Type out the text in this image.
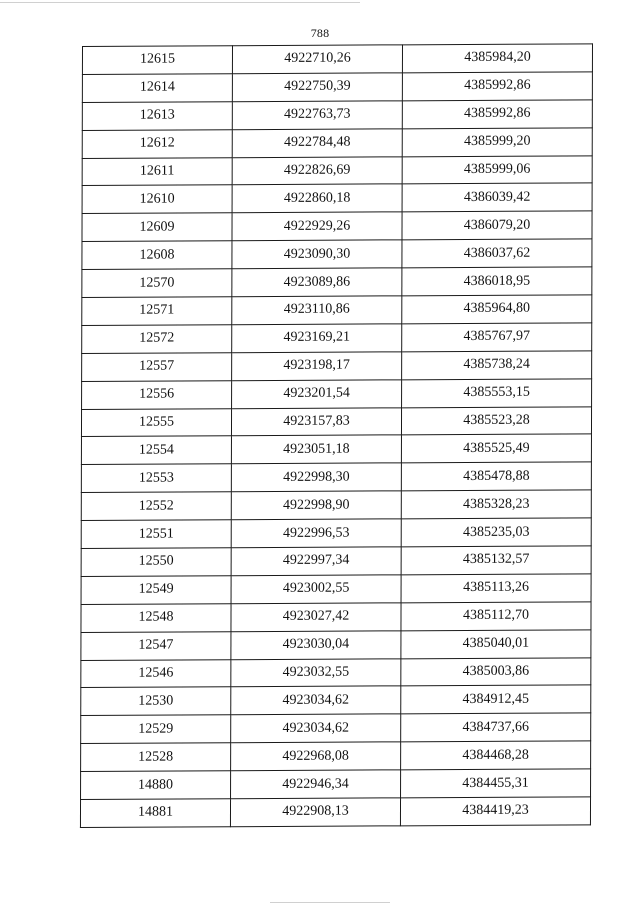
788
12615	4922710,26	4385984,20
12614	4922750,39	4385992,86
12613	4922763,73	4385992,86
12612	4922784,48	4385999,20
12611	4922826,69	4385999,06
12610	4922860,18	4386039,42
12609	4922929,26	4386079,20
12608	4923090,30	4386037,62
12570	4923089,86	4386018,95
12571	4923110,86	4385964,80
12572	4923169,21	4385767,97
12557	4923198,17	4385738,24
12556	4923201,54	4385553,15
12555	4923157,83	4385523,28
12554	4923051,18	4385525,49
12553	4922998,30	4385478,88
12552	4922998,90	4385328,23
12551	4922996,53	4385235,03
12550	4922997,34	4385132,57
12549	4923002,55	4385113,26
12548	4923027,42	4385112,70
12547	4923030,04	4385040,01
12546	4923032,55	4385003,86
12530	4923034,62	4384912,45
12529	4923034,62	4384737,66
12528	4922968,08	4384468,28
14880	4922946,34	4384455,31
14881	4922908,13	4384419,23
